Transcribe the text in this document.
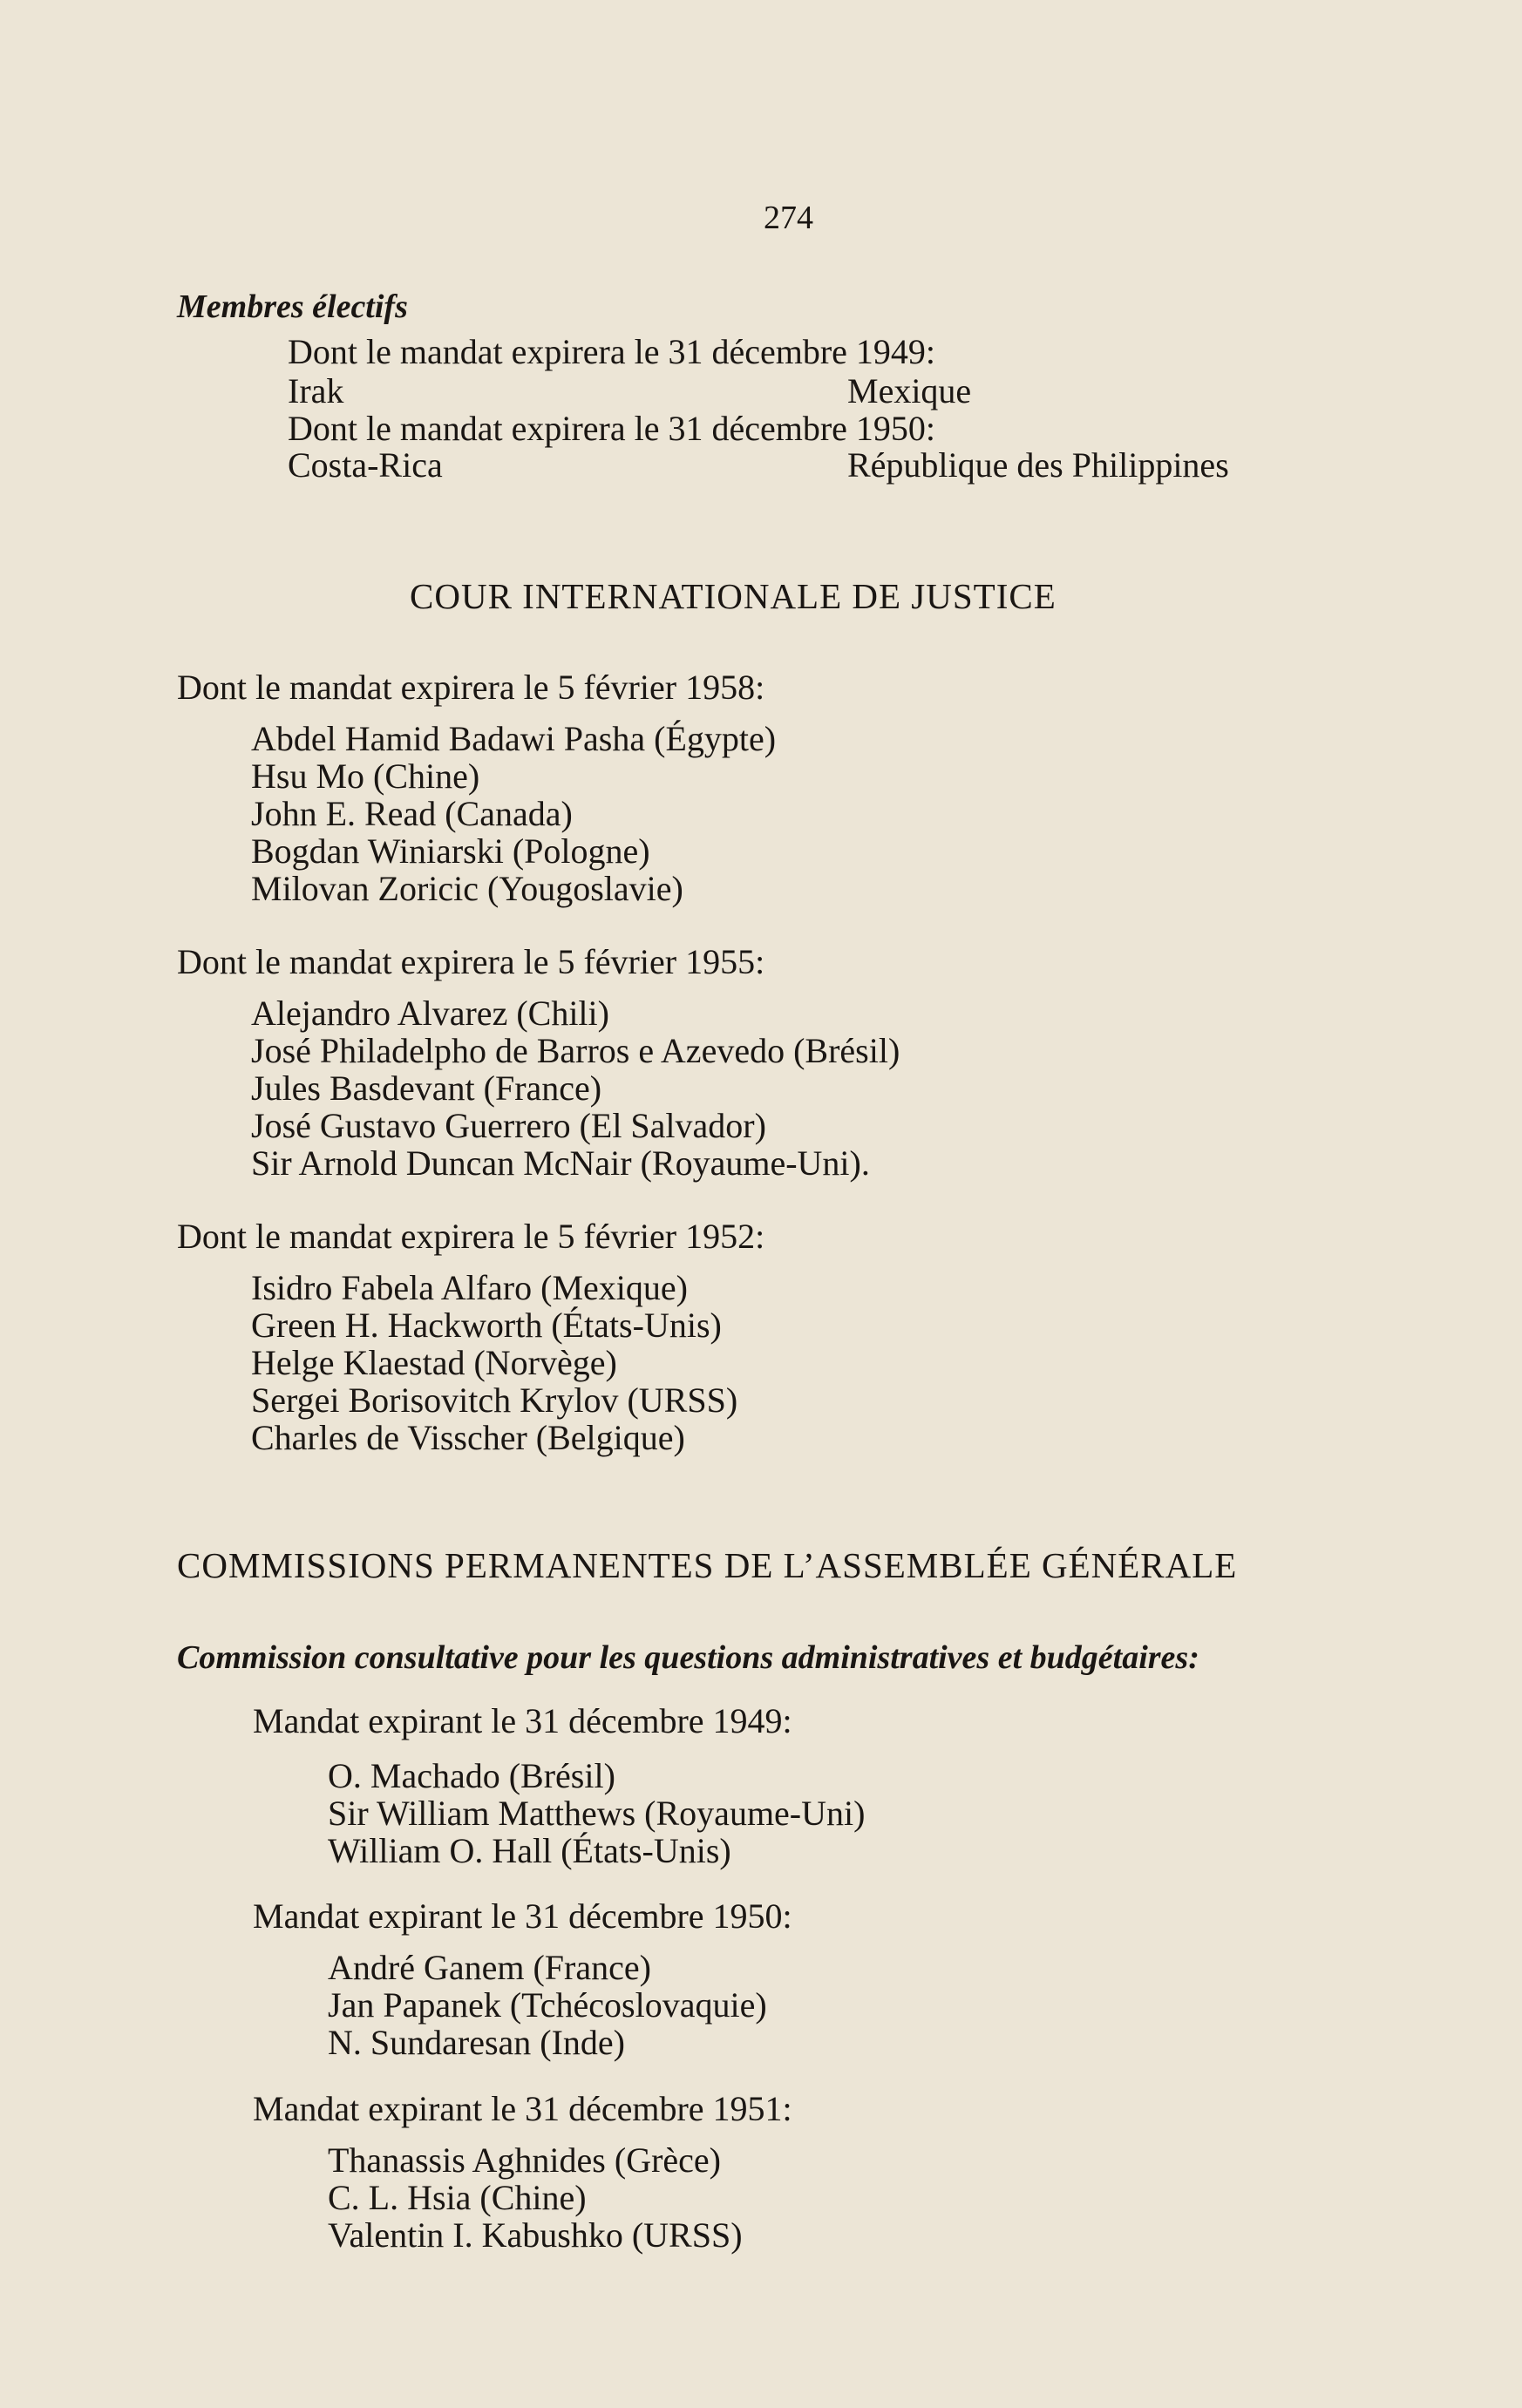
274
Membres électifs
Dont le mandat expirera le 31 décembre 1949:
Irak	Mexique
Dont le mandat expirera le 31 décembre 1950:
Costa-Rica	République des Philippines
COUR INTERNATIONALE DE JUSTICE
Dont le mandat expirera le 5 février 1958:
Abdel Hamid Badawi Pasha (Égypte)
Hsu Mo (Chine)
John E. Read (Canada)
Bogdan Winiarski (Pologne)
Milovan Zoricic (Yougoslavie)
Dont le mandat expirera le 5 février 1955:
Alejandro Alvarez (Chili)
José Philadelpho de Barros e Azevedo (Brésil)
Jules Basdevant (France)
José Gustavo Guerrero (El Salvador)
Sir Arnold Duncan McNair (Royaume-Uni).
Dont le mandat expirera le 5 février 1952:
Isidro Fabela Alfaro (Mexique)
Green H. Hackworth (États-Unis)
Helge Klaestad (Norvège)
Sergei Borisovitch Krylov (URSS)
Charles de Visscher (Belgique)
COMMISSIONS PERMANENTES DE L’ASSEMBLÉE GÉNÉRALE
Commission consultative pour les questions administratives et budgétaires:
Mandat expirant le 31 décembre 1949:
O. Machado (Brésil)
Sir William Matthews (Royaume-Uni)
William O. Hall (États-Unis)
Mandat expirant le 31 décembre 1950:
André Ganem (France)
Jan Papanek (Tchécoslovaquie)
N. Sundaresan (Inde)
Mandat expirant le 31 décembre 1951:
Thanassis Aghnides (Grèce)
C. L. Hsia (Chine)
Valentin I. Kabushko (URSS)
